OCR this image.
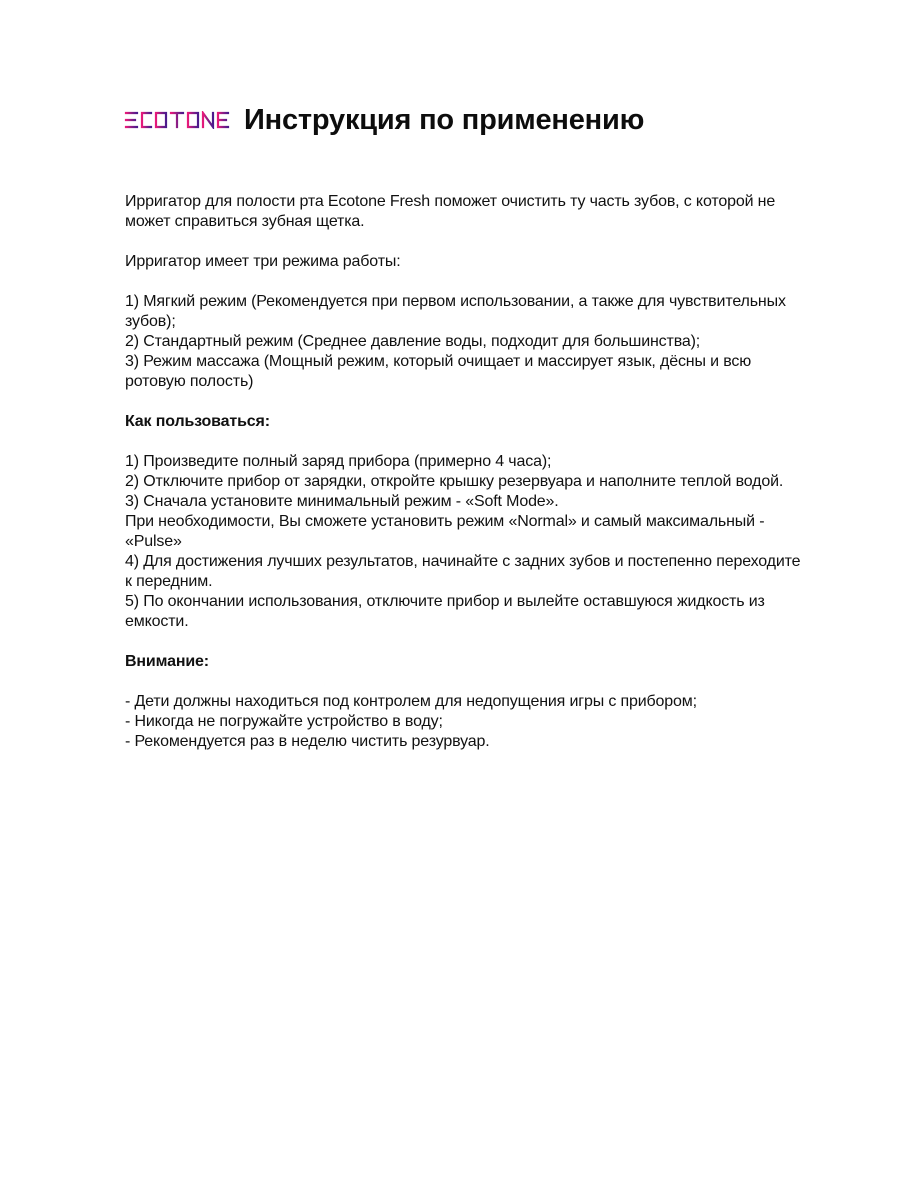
Инструкция по применению

Ирригатор для полости рта Ecotone Fresh поможет очистить ту часть зубов, с которой не может справиться зубная щетка.

Ирригатор имеет три режима работы:

1) Мягкий режим (Рекомендуется при первом использовании, а также для чувствительных зубов);
2) Стандартный режим (Среднее давление воды, подходит для большинства);
3) Режим массажа (Мощный режим, который очищает и массирует язык, дёсны и всю ротовую полость)

Как пользоваться:

1) Произведите полный заряд прибора (примерно 4 часа);
2) Отключите прибор от зарядки, откройте крышку резервуара и наполните теплой водой.
3) Сначала установите минимальный режим - «Soft Mode».
При необходимости, Вы сможете установить режим «Normal» и самый максимальный - «Pulse»
4) Для достижения лучших результатов, начинайте с задних зубов и постепенно переходите к передним.
5) По окончании использования, отключите прибор и вылейте оставшуюся жидкость из емкости.

Внимание:

- Дети должны находиться под контролем для недопущения игры с прибором;
- Никогда не погружайте устройство в воду;
- Рекомендуется раз в неделю чистить резурвуар.
